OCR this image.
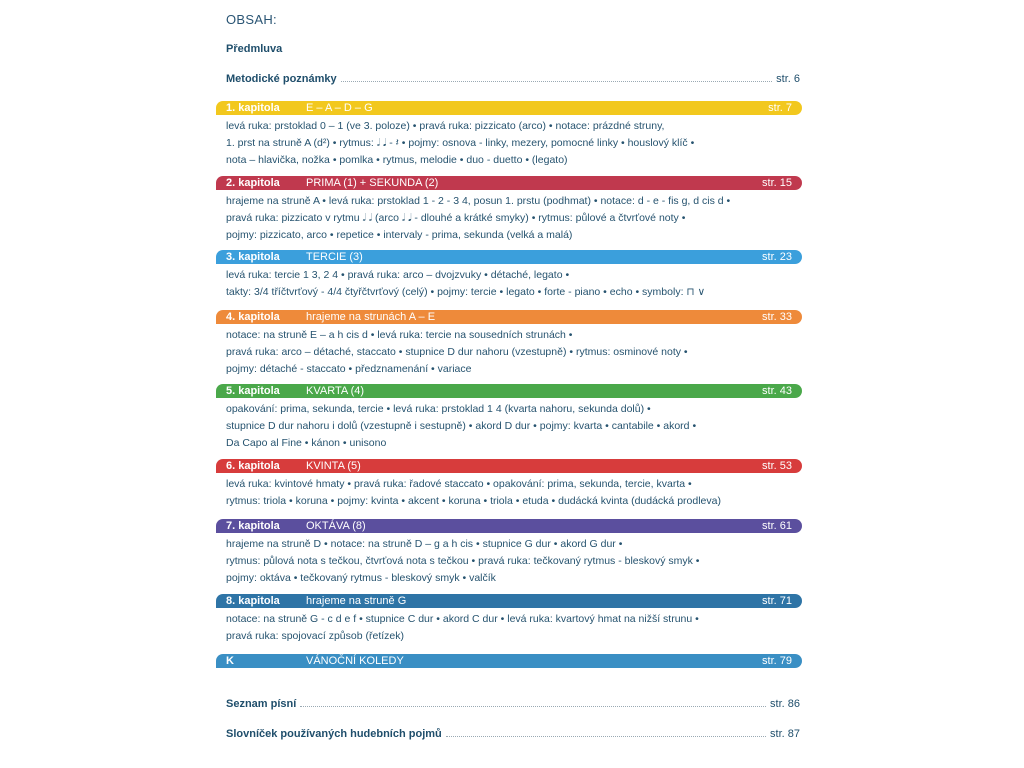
OBSAH:
Předmluva
Metodické poznámky	str. 6
1. kapitola	E – A – D – G	str. 7
levá ruka: prstoklad 0 – 1 (ve 3. poloze) • pravá ruka: pizzicato (arco) • notace: prázdné struny,
1. prst na struně A (d²) • rytmus: 𝅗𝅥 𝅘𝅥 - 𝄽 • pojmy: osnova - linky, mezery, pomocné linky • houslový klíč •
nota – hlavička, nožka • pomlka • rytmus, melodie • duo - duetto • (legato)
2. kapitola	PRIMA (1) + SEKUNDA (2)	str. 15
hrajeme na struně A • levá ruka: prstoklad 1 - 2 - 3 4, posun 1. prstu (podhmat) • notace: d - e - fis g, d cis d •
pravá ruka: pizzicato v rytmu 𝅗𝅥 𝅗𝅥 (arco 𝅗𝅥 𝅘𝅥 - dlouhé a krátké smyky) • rytmus: půlové a čtvrťové noty •
pojmy: pizzicato, arco • repetice • intervaly - prima, sekunda (velká a malá)
3. kapitola	TERCIE (3)	str. 23
levá ruka: tercie 1 3, 2 4 • pravá ruka: arco – dvojzvuky • détaché, legato •
takty: 3/4 tříčtvrťový - 4/4 čtyřčtvrťový (celý) • pojmy: tercie • legato • forte - piano • echo • symboly: ⊓ ∨
4. kapitola	hrajeme na strunách A – E	str. 33
notace: na struně E – a h cis d • levá ruka: tercie na sousedních strunách •
pravá ruka: arco – détaché, staccato • stupnice D dur nahoru (vzestupně) • rytmus: osminové noty •
pojmy: détaché - staccato • předznamenání • variace
5. kapitola	KVARTA (4)	str. 43
opakování: prima, sekunda, tercie • levá ruka: prstoklad 1 4 (kvarta nahoru, sekunda dolů) •
stupnice D dur nahoru i dolů (vzestupně i sestupně) • akord D dur • pojmy: kvarta • cantabile • akord •
Da Capo al Fine • kánon • unisono
6. kapitola	KVINTA (5)	str. 53
levá ruka: kvintové hmaty • pravá ruka: řadové staccato • opakování: prima, sekunda, tercie, kvarta •
rytmus: triola • koruna • pojmy: kvinta • akcent • koruna • triola • etuda • dudácká kvinta (dudácká prodleva)
7. kapitola	OKTÁVA (8)	str. 61
hrajeme na struně D • notace: na struně D – g a h cis • stupnice G dur • akord G dur •
rytmus: půlová nota s tečkou, čtvrťová nota s tečkou • pravá ruka: tečkovaný rytmus - bleskový smyk •
pojmy: oktáva • tečkovaný rytmus - bleskový smyk • valčík
8. kapitola	hrajeme na struně G	str. 71
notace: na struně G - c d e f • stupnice C dur • akord C dur • levá ruka: kvartový hmat na nižší strunu •
pravá ruka: spojovací způsob (řetízek)
K	VÁNOČNÍ KOLEDY	str. 79
Seznam písní	str. 86
Slovníček používaných hudebních pojmů	str. 87
